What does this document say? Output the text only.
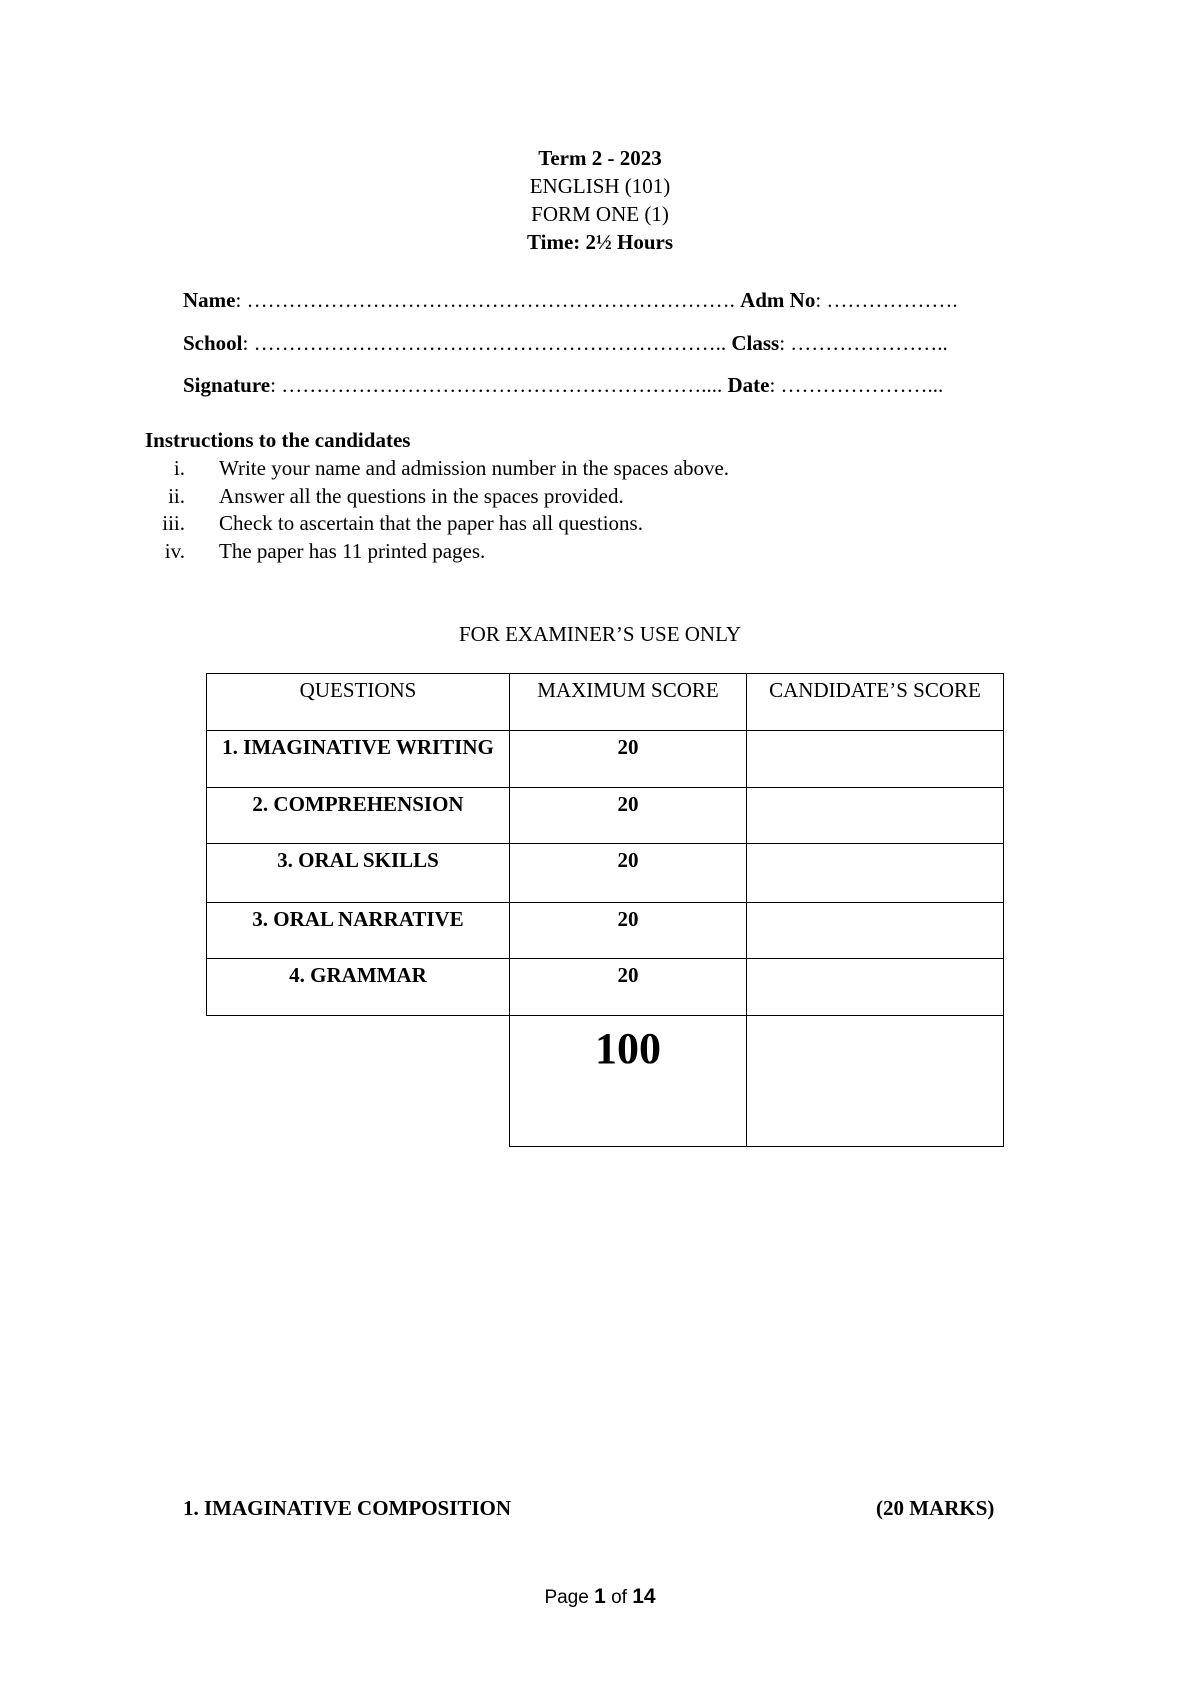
Term 2 - 2023
ENGLISH (101)
FORM ONE (1)
Time: 2½ Hours
Name: ……………………………………………………………. Adm No: ……………….
School: ………………………………………………………….. Class: …………………..
Signature: …………………………………………………….... Date: …………………...
Instructions to the candidates
i. Write your name and admission number in the spaces above.
ii. Answer all the questions in the spaces provided.
iii. Check to ascertain that the paper has all questions.
iv. The paper has 11 printed pages.
FOR EXAMINER’S USE ONLY
QUESTIONS	MAXIMUM SCORE	CANDIDATE’S SCORE
1. IMAGINATIVE WRITING	20	
2. COMPREHENSION	20	
3. ORAL SKILLS	20	
3. ORAL NARRATIVE	20	
4. GRAMMAR	20	
	100	
1. IMAGINATIVE COMPOSITION	(20 MARKS)
Page 1 of 14
